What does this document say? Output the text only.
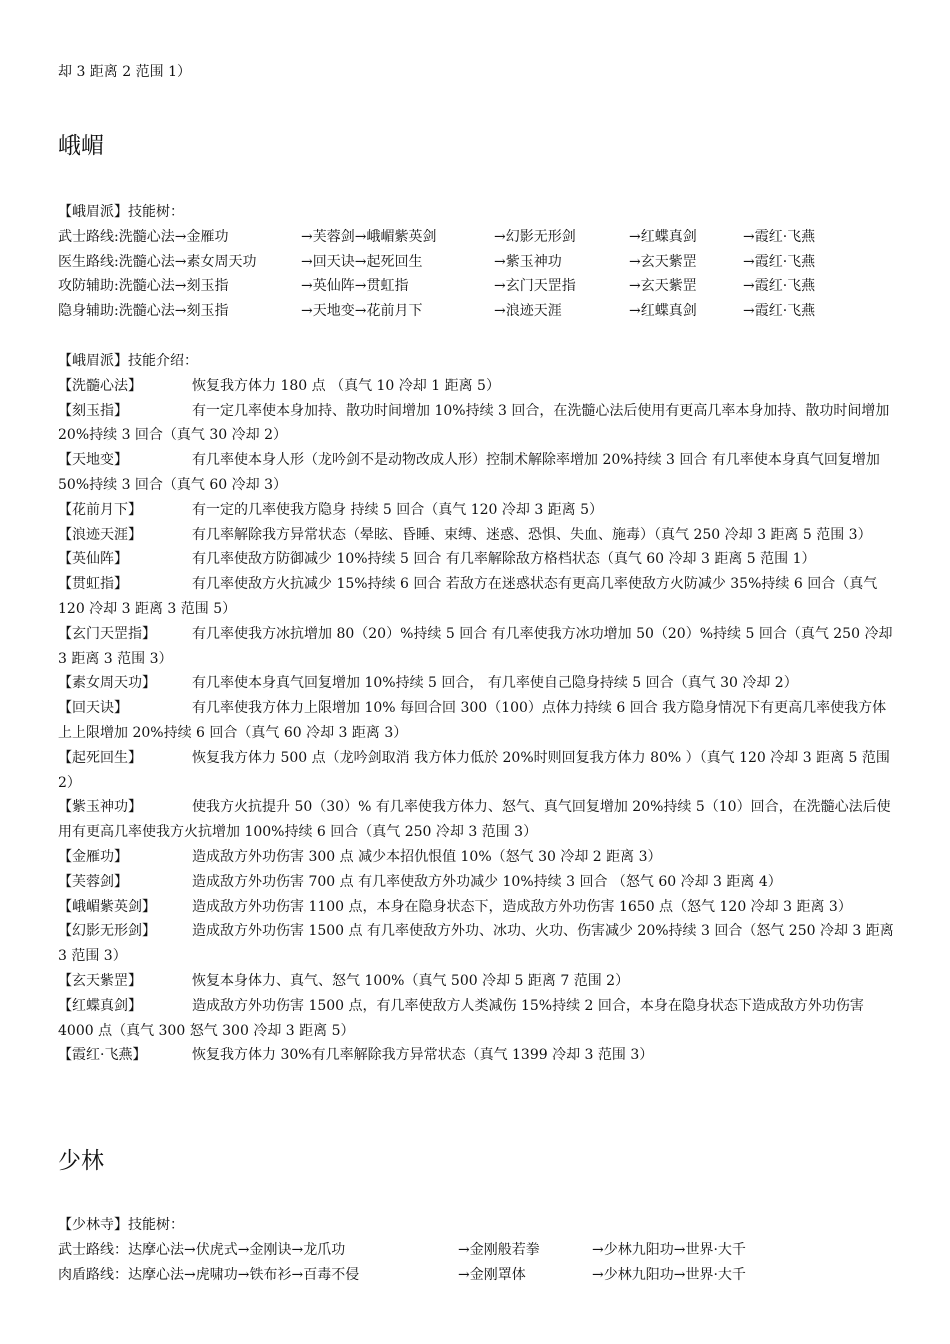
却 3 距离 2 范围 1）
峨嵋
【峨眉派】技能树：
武士路线:洗髓心法→金雁功	→芙蓉剑→峨嵋紫英剑	→幻影无形剑	→红蝶真剑	→霞红·飞燕
医生路线:洗髓心法→素女周天功	→回天诀→起死回生	→紫玉神功	→玄天紫罡	→霞红·飞燕
攻防辅助:洗髓心法→刻玉指	→英仙阵→贯虹指	→玄门天罡指	→玄天紫罡	→霞红·飞燕
隐身辅助:洗髓心法→刻玉指	→天地变→花前月下	→浪迹天涯	→红蝶真剑	→霞红·飞燕
【峨眉派】技能介绍：
【洗髓心法】	恢复我方体力 180 点 （真气 10 冷却 1 距离 5）
【刻玉指】	有一定几率使本身加持、散功时间增加 10%持续 3 回合，在洗髓心法后使用有更高几率本身加持、散功时间增加 20%持续 3 回合（真气 30 冷却 2）
【天地变】	有几率使本身人形（龙吟剑不是动物改成人形）控制术解除率增加 20%持续 3 回合 有几率使本身真气回复增加 50%持续 3 回合（真气 60 冷却 3）
【花前月下】	有一定的几率使我方隐身 持续 5 回合（真气 120 冷却 3 距离 5）
【浪迹天涯】	有几率解除我方异常状态（晕眩、昏睡、束缚、迷惑、恐惧、失血、施毒）（真气 250 冷却 3 距离 5 范围 3）
【英仙阵】	有几率使敌方防御减少 10%持续 5 回合 有几率解除敌方格档状态（真气 60 冷却 3 距离 5 范围 1）
【贯虹指】	有几率使敌方火抗减少 15%持续 6 回合 若敌方在迷惑状态有更高几率使敌方火防减少 35%持续 6 回合（真气 120 冷却 3 距离 3 范围 5）
【玄门天罡指】	有几率使我方冰抗增加 80（20）%持续 5 回合 有几率使我方冰功增加 50（20）%持续 5 回合（真气 250 冷却 3 距离 3 范围 3）
【素女周天功】	有几率使本身真气回复增加 10%持续 5 回合， 有几率使自己隐身持续 5 回合（真气 30 冷却 2）
【回天诀】	有几率使我方体力上限增加 10% 每回合回 300（100）点体力持续 6 回合 我方隐身情况下有更高几率使我方体上上限增加 20%持续 6 回合（真气 60 冷却 3 距离 3）
【起死回生】	恢复我方体力 500 点（龙吟剑取消 我方体力低於 20%时则回复我方体力 80% ）（真气 120 冷却 3 距离 5 范围 2）
【紫玉神功】	使我方火抗提升 50（30）% 有几率使我方体力、怒气、真气回复增加 20%持续 5（10）回合，在洗髓心法后使用有更高几率使我方火抗增加 100%持续 6 回合（真气 250 冷却 3 范围 3）
【金雁功】	造成敌方外功伤害 300 点 减少本招仇恨值 10%（怒气 30 冷却 2 距离 3）
【芙蓉剑】	造成敌方外功伤害 700 点 有几率使敌方外功减少 10%持续 3 回合 （怒气 60 冷却 3 距离 4）
【峨嵋紫英剑】	造成敌方外功伤害 1100 点，本身在隐身状态下，造成敌方外功伤害 1650 点（怒气 120 冷却 3 距离 3）
【幻影无形剑】	造成敌方外功伤害 1500 点 有几率使敌方外功、冰功、火功、伤害减少 20%持续 3 回合（怒气 250 冷却 3 距离 3 范围 3）
【玄天紫罡】	恢复本身体力、真气、怒气 100%（真气 500 冷却 5 距离 7 范围 2）
【红蝶真剑】	造成敌方外功伤害 1500 点，有几率使敌方人类减伤 15%持续 2 回合，本身在隐身状态下造成敌方外功伤害 4000 点（真气 300 怒气 300 冷却 3 距离 5）
【霞红·飞燕】	恢复我方体力 30%有几率解除我方异常状态（真气 1399 冷却 3 范围 3）
少林
【少林寺】技能树：
武士路线：达摩心法→伏虎式→金刚诀→龙爪功	→金刚般若拳	→少林九阳功→世界·大千
肉盾路线：达摩心法→虎啸功→铁布衫→百毒不侵	→金刚罩体	→少林九阳功→世界·大千
